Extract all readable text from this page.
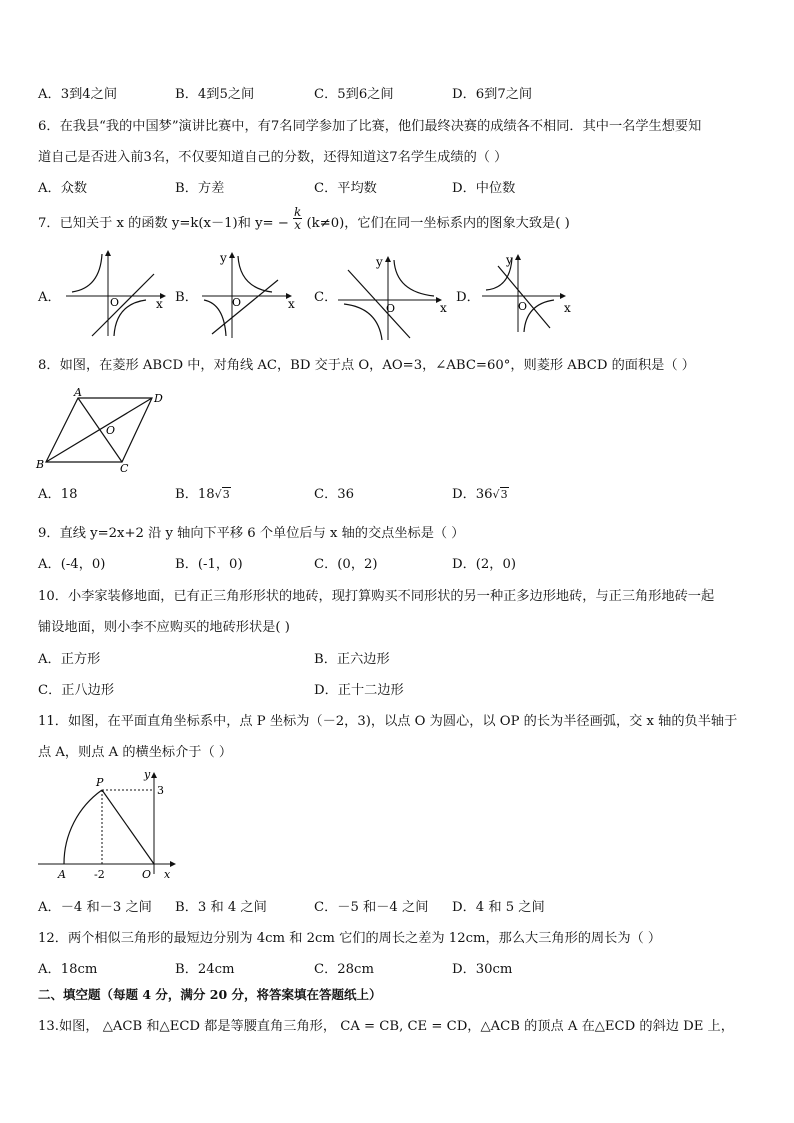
A．3到4之间	B．4到5之间	C．5到6之间	D．6到7之间
6．在我县“我的中国梦”演讲比赛中，有7名同学参加了比赛，他们最终决赛的成绩各不相同．其中一名学生想要知
道自己是否进入前3名，不仅要知道自己的分数，还得知道这7名学生成绩的（ ）
A．众数	B．方差	C．平均数	D．中位数
7．已知关于 x 的函数 y=k(x－1)和 $y= - \frac{k}{x} (k\ne 0)$，它们在同一坐标系内的图象大致是( )
A．	B．	C．	D．
O	x
y
O	x
y
O	x
y
O	x
8．如图，在菱形 ABCD 中，对角线 AC，BD 交于点 O，AO=3，∠ABC=60°，则菱形 ABCD 的面积是（ ）
A	D
O
B	C
A．18	B．18√3	C．36	D．36√3
9．直线 y=2x+2 沿 y 轴向下平移 6 个单位后与 x 轴的交点坐标是（ ）
A．(-4，0)	B．(-1，0)	C．(0，2)	D．(2，0)
10．小李家装修地面，已有正三角形形状的地砖，现打算购买不同形状的另一种正多边形地砖，与正三角形地砖一起
铺设地面，则小李不应购买的地砖形状是( )
A．正方形	B．正六边形
C．正八边形	D．正十二边形
11．如图，在平面直角坐标系中，点 P 坐标为（－2，3)，以点 O 为圆心，以 OP 的长为半径画弧，交 x 轴的负半轴于
点 A，则点 A 的横坐标介于（ ）
P
y
3
A	-2	O x
A．－4 和－3 之间 B．3 和 4 之间	C．－5 和－4 之间 D．4 和 5 之间
12．两个相似三角形的最短边分别为 4cm 和 2cm 它们的周长之差为 12cm，那么大三角形的周长为（ ）
A．18cm	B．24cm	C．28cm	D．30cm
二、填空题（每题 4 分，满分 20 分，将答案填在答题纸上）
13.如图， △ACB 和△ECD 都是等腰直角三角形， CA = CB, CE = CD，△ACB 的顶点 A 在△ECD 的斜边 DE 上，
